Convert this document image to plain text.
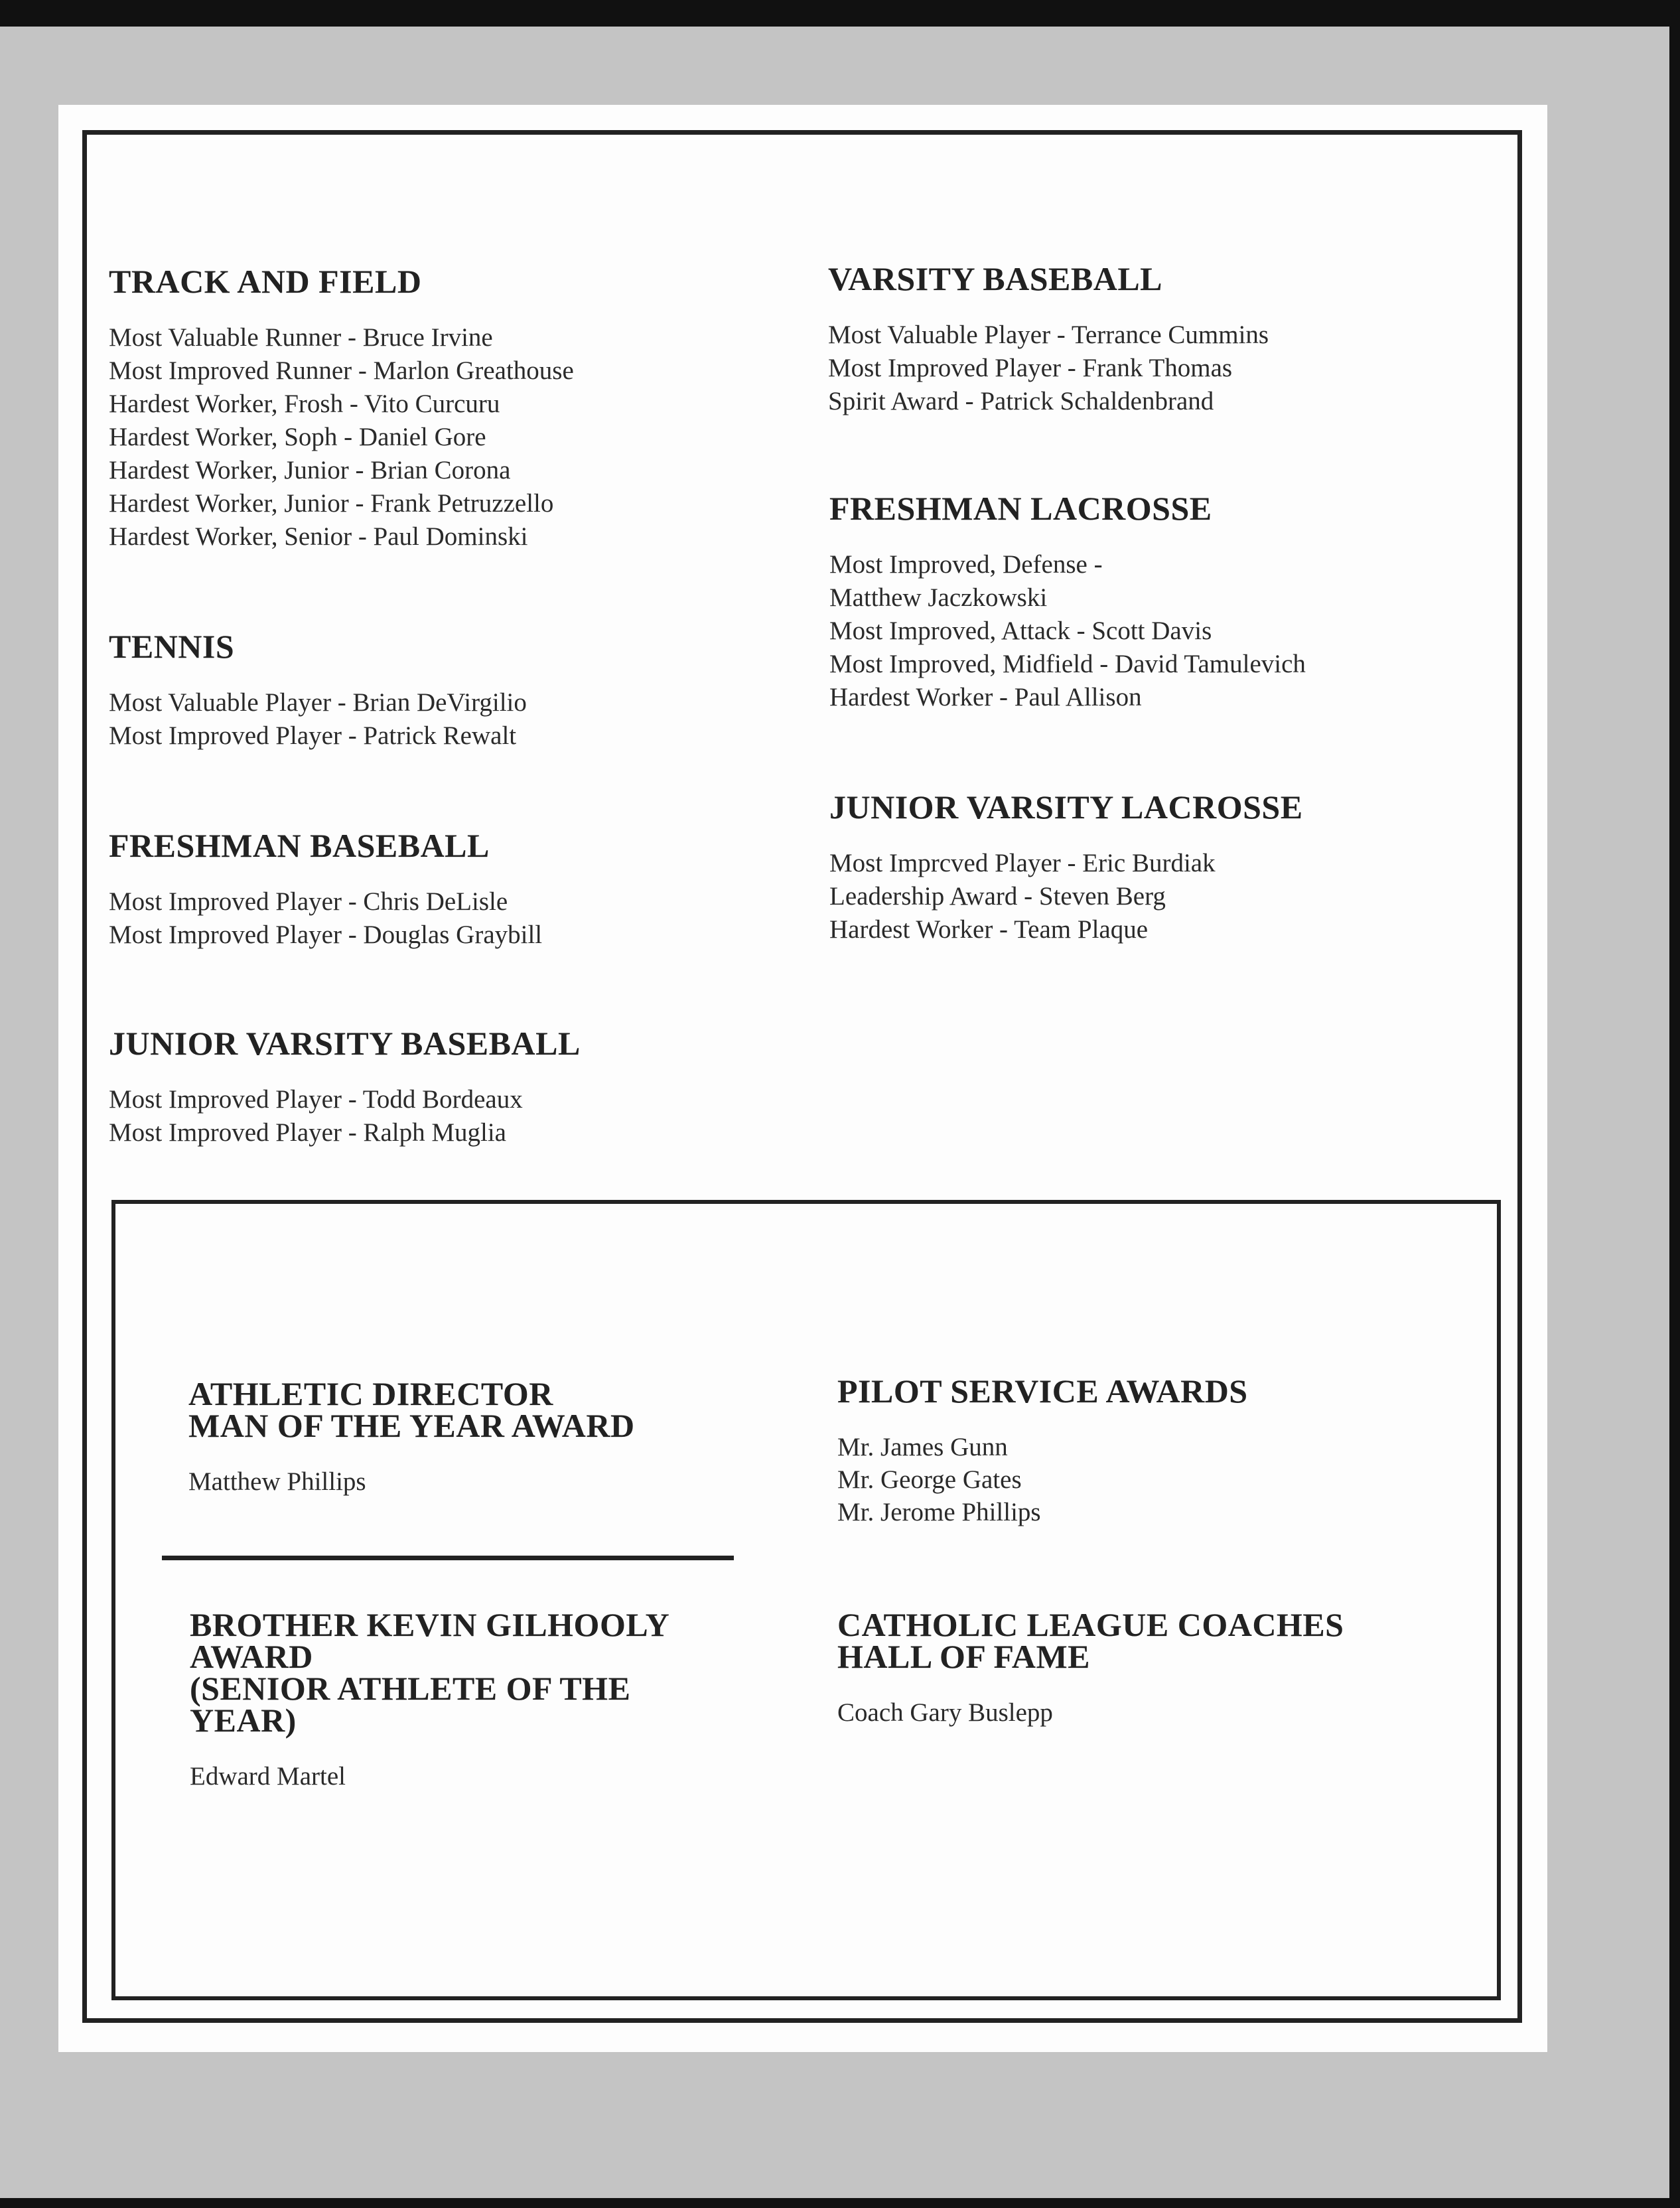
TRACK AND FIELD
Most Valuable Runner - Bruce Irvine
Most Improved Runner - Marlon Greathouse
Hardest Worker, Frosh - Vito Curcuru
Hardest Worker, Soph - Daniel Gore
Hardest Worker, Junior - Brian Corona
Hardest Worker, Junior - Frank Petruzzello
Hardest Worker, Senior - Paul Dominski
TENNIS
Most Valuable Player - Brian DeVirgilio
Most Improved Player - Patrick Rewalt
FRESHMAN BASEBALL
Most Improved Player - Chris DeLisle
Most Improved Player - Douglas Graybill
JUNIOR VARSITY BASEBALL
Most Improved Player - Todd Bordeaux
Most Improved Player - Ralph Muglia
VARSITY BASEBALL
Most Valuable Player - Terrance Cummins
Most Improved Player - Frank Thomas
Spirit Award - Patrick Schaldenbrand
FRESHMAN LACROSSE
Most Improved, Defense -
Matthew Jaczkowski
Most Improved, Attack - Scott Davis
Most Improved, Midfield - David Tamulevich
Hardest Worker - Paul Allison
JUNIOR VARSITY LACROSSE
Most Imprcved Player - Eric Burdiak
Leadership Award - Steven Berg
Hardest Worker - Team Plaque
ATHLETIC DIRECTOR
MAN OF THE YEAR AWARD
Matthew Phillips
BROTHER KEVIN GILHOOLY
AWARD
(SENIOR ATHLETE OF THE
YEAR)
Edward Martel
PILOT SERVICE AWARDS
Mr. James Gunn
Mr. George Gates
Mr. Jerome Phillips
CATHOLIC LEAGUE COACHES
HALL OF FAME
Coach Gary Buslepp
